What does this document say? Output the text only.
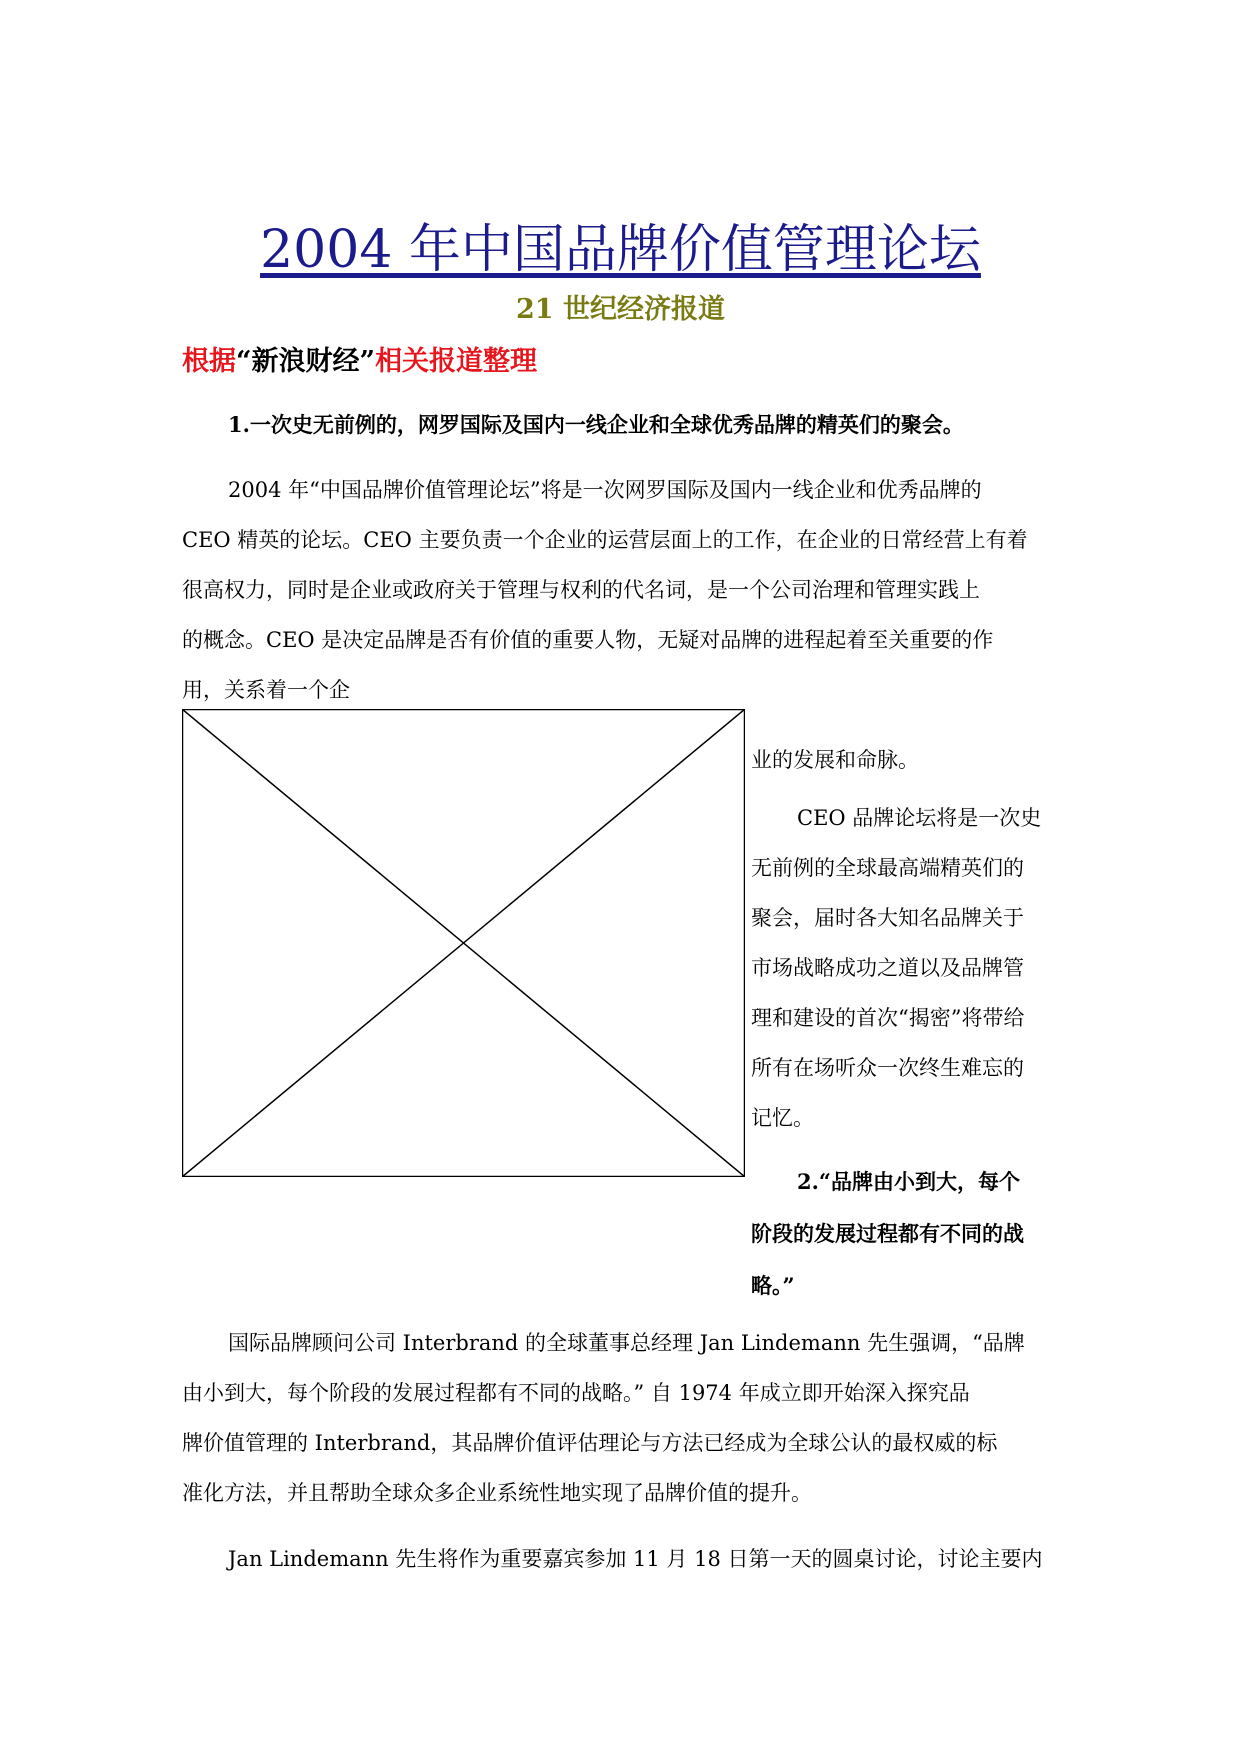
2004 年中国品牌价值管理论坛
21 世纪经济报道
根据“新浪财经”相关报道整理
1.一次史无前例的，网罗国际及国内一线企业和全球优秀品牌的精英们的聚会。
2004 年“中国品牌价值管理论坛”将是一次网罗国际及国内一线企业和优秀品牌的
CEO 精英的论坛。CEO 主要负责一个企业的运营层面上的工作，在企业的日常经营上有着
很高权力，同时是企业或政府关于管理与权利的代名词，是一个公司治理和管理实践上
的概念。CEO 是决定品牌是否有价值的重要人物，无疑对品牌的进程起着至关重要的作
用，关系着一个企
业的发展和命脉。
CEO 品牌论坛将是一次史
无前例的全球最高端精英们的
聚会，届时各大知名品牌关于
市场战略成功之道以及品牌管
理和建设的首次“揭密”将带给
所有在场听众一次终生难忘的
记忆。
2.“品牌由小到大，每个
阶段的发展过程都有不同的战
略。”
国际品牌顾问公司 Interbrand 的全球董事总经理 Jan Lindemann 先生强调，“品牌
由小到大，每个阶段的发展过程都有不同的战略。” 自 1974 年成立即开始深入探究品
牌价值管理的 Interbrand，其品牌价值评估理论与方法已经成为全球公认的最权威的标
准化方法，并且帮助全球众多企业系统性地实现了品牌价值的提升。
Jan Lindemann 先生将作为重要嘉宾参加 11 月 18 日第一天的圆桌讨论，讨论主要内
